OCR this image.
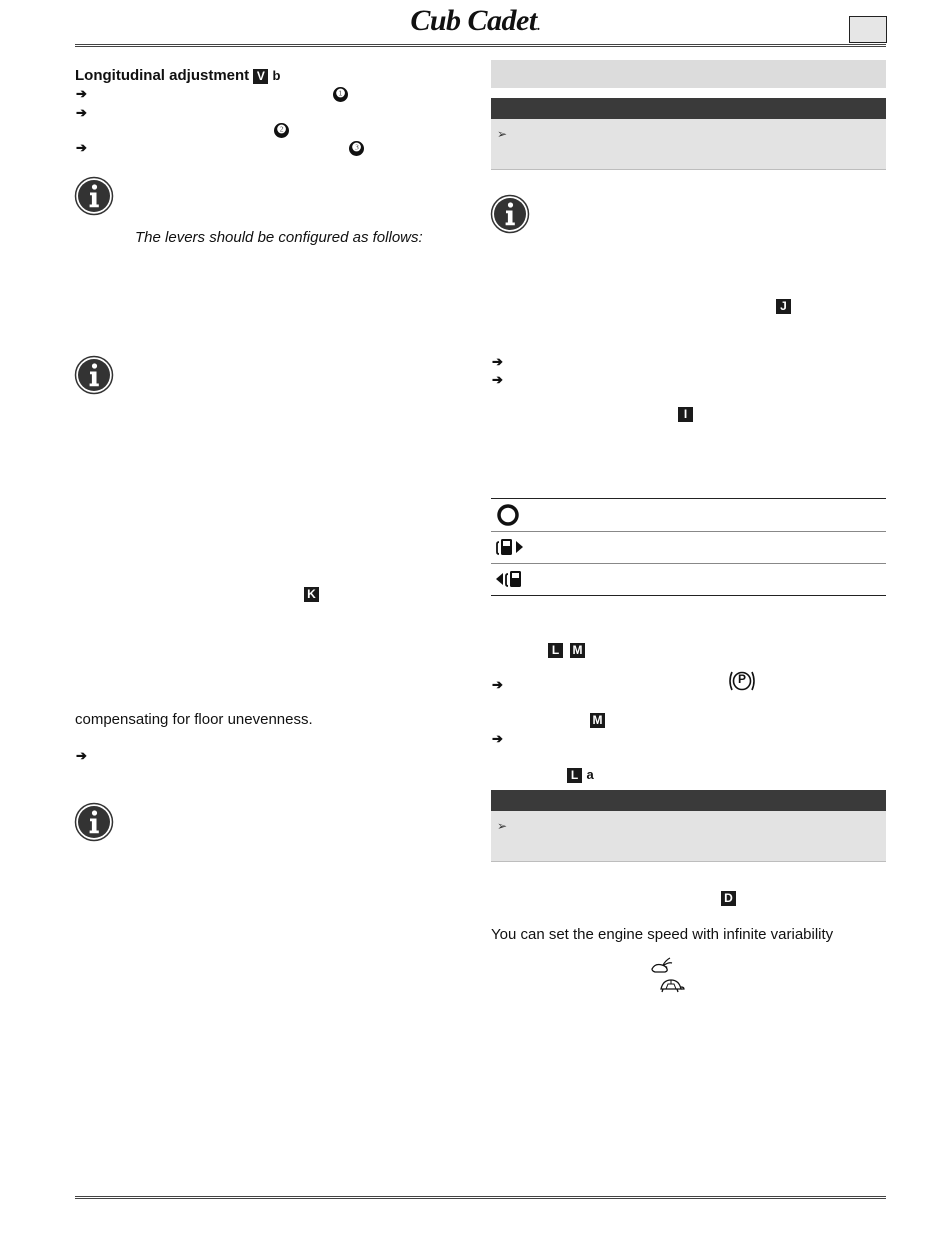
Cub Cadet.
Longitudinal adjustment V b
➔	❶
➔
❷
➔	❸
The levers should be configured as follows:
K
compensating for floor unevenness.
➔
➢
J
➔
➔
I
L	M
➔	P
M
➔
L a
➢
D
You can set the engine speed with infinite variability
